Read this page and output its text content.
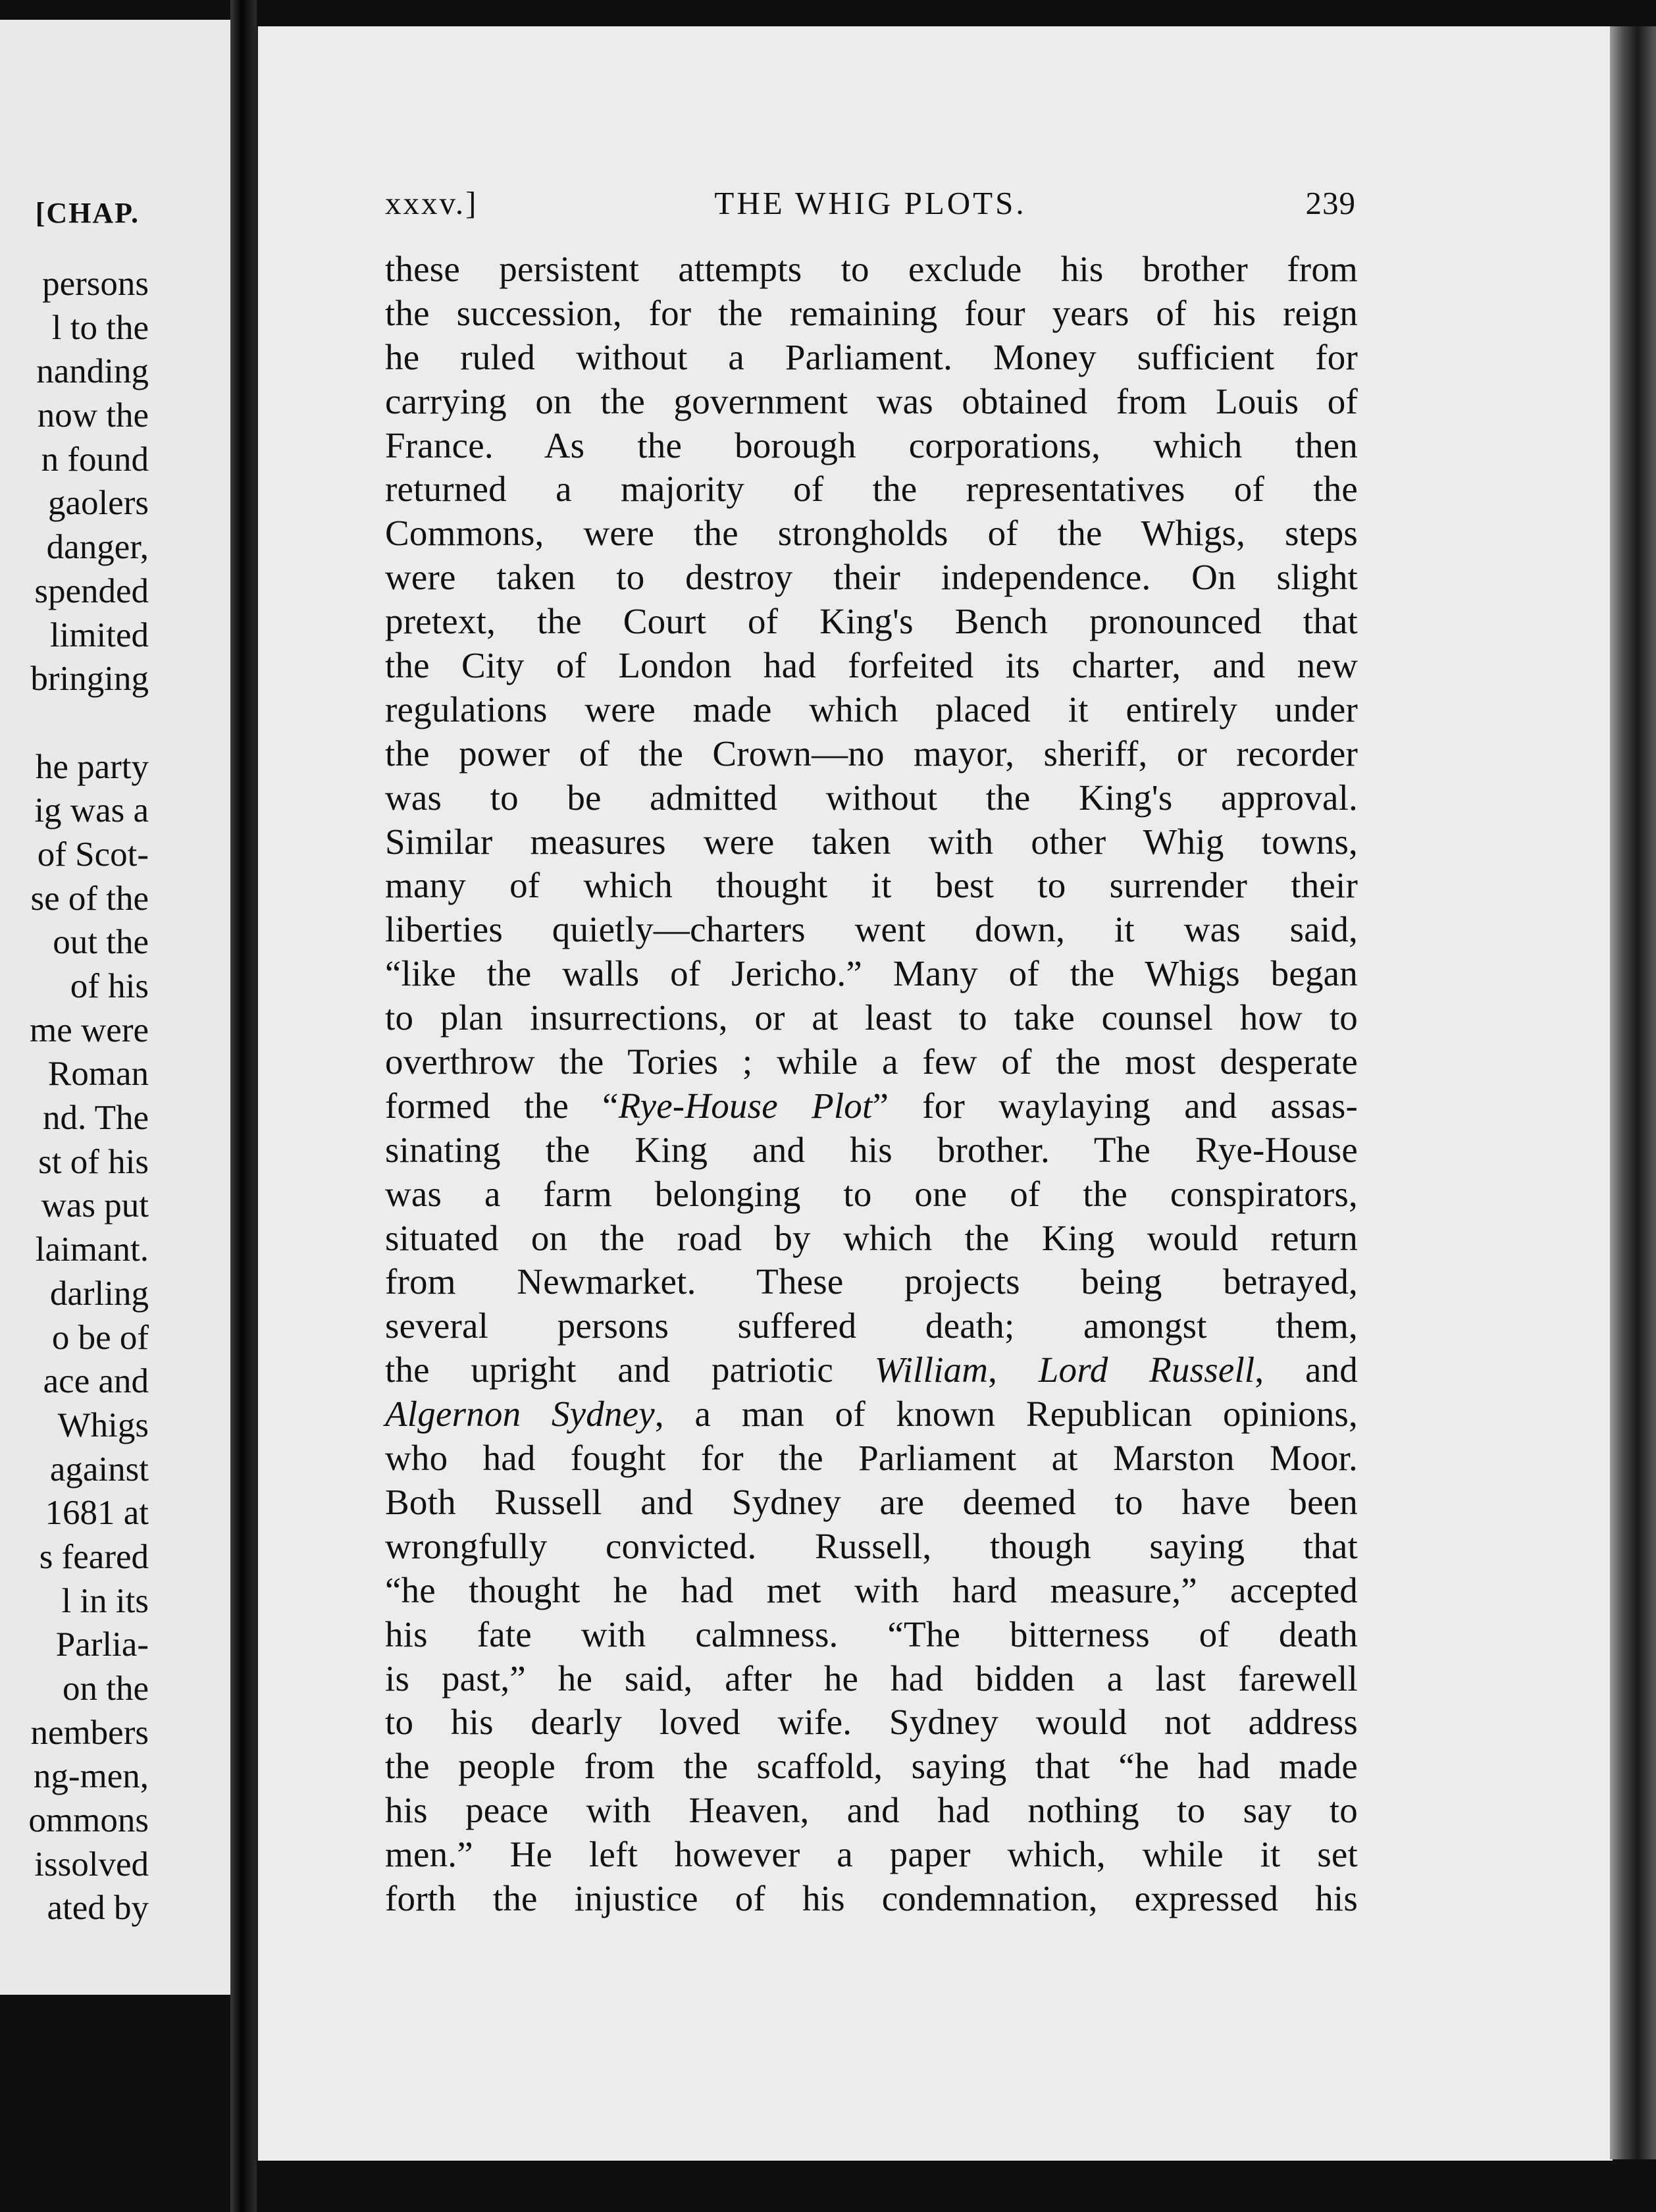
[CHAP.
persons
l to the
nanding
now the
n found
gaolers
danger,
spended
limited
bringing
he party
ig was a
of Scot-
se of the
out the
of his
me were
Roman
nd. The
st of his
was put
laimant.
darling
o be of
ace and
Whigs
against
1681 at
s feared
l in its
Parlia-
on the
nembers
ng-men,
ommons
issolved
ated by
xxxv.]	THE WHIG PLOTS.	239
these persistent attempts to exclude his brother from
the succession, for the remaining four years of his reign
he ruled without a Parliament. Money sufficient for
carrying on the government was obtained from Louis of
France. As the borough corporations, which then
returned a majority of the representatives of the
Commons, were the strongholds of the Whigs, steps
were taken to destroy their independence. On slight
pretext, the Court of King's Bench pronounced that
the City of London had forfeited its charter, and new
regulations were made which placed it entirely under
the power of the Crown—no mayor, sheriff, or recorder
was to be admitted without the King's approval.
Similar measures were taken with other Whig towns,
many of which thought it best to surrender their
liberties quietly—charters went down, it was said,
“like the walls of Jericho.” Many of the Whigs began
to plan insurrections, or at least to take counsel how to
overthrow the Tories ; while a few of the most desperate
formed the “Rye-House Plot” for waylaying and assas-
sinating the King and his brother. The Rye-House
was a farm belonging to one of the conspirators,
situated on the road by which the King would return
from Newmarket. These projects being betrayed,
several persons suffered death; amongst them,
the upright and patriotic William, Lord Russell, and
Algernon Sydney, a man of known Republican opinions,
who had fought for the Parliament at Marston Moor.
Both Russell and Sydney are deemed to have been
wrongfully convicted. Russell, though saying that
“he thought he had met with hard measure,” accepted
his fate with calmness. “The bitterness of death
is past,” he said, after he had bidden a last farewell
to his dearly loved wife. Sydney would not address
the people from the scaffold, saying that “he had made
his peace with Heaven, and had nothing to say to
men.” He left however a paper which, while it set
forth the injustice of his condemnation, expressed his
